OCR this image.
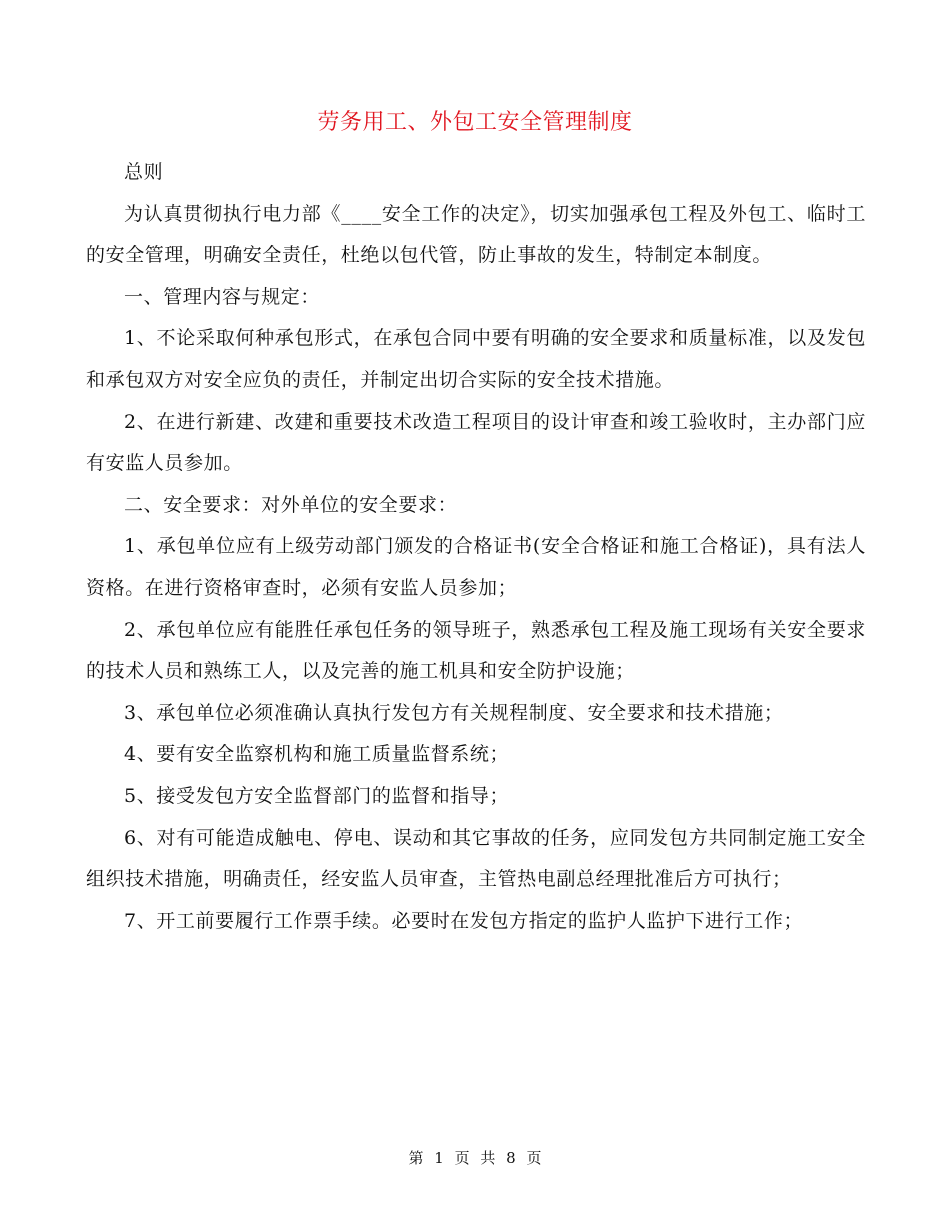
劳务用工、外包工安全管理制度

总则

为认真贯彻执行电力部《____安全工作的决定》，切实加强承包工程及外包工、临时工的安全管理，明确安全责任，杜绝以包代管，防止事故的发生，特制定本制度。

一、管理内容与规定：

1、不论采取何种承包形式，在承包合同中要有明确的安全要求和质量标准，以及发包和承包双方对安全应负的责任，并制定出切合实际的安全技术措施。

2、在进行新建、改建和重要技术改造工程项目的设计审查和竣工验收时，主办部门应有安监人员参加。

二、安全要求：对外单位的安全要求：

1、承包单位应有上级劳动部门颁发的合格证书(安全合格证和施工合格证)，具有法人资格。在进行资格审查时，必须有安监人员参加；

2、承包单位应有能胜任承包任务的领导班子，熟悉承包工程及施工现场有关安全要求的技术人员和熟练工人，以及完善的施工机具和安全防护设施；

3、承包单位必须准确认真执行发包方有关规程制度、安全要求和技术措施；

4、要有安全监察机构和施工质量监督系统；

5、接受发包方安全监督部门的监督和指导；

6、对有可能造成触电、停电、误动和其它事故的任务，应同发包方共同制定施工安全组织技术措施，明确责任，经安监人员审查，主管热电副总经理批准后方可执行；

7、开工前要履行工作票手续。必要时在发包方指定的监护人监护下进行工作；

第 1 页 共 8 页
